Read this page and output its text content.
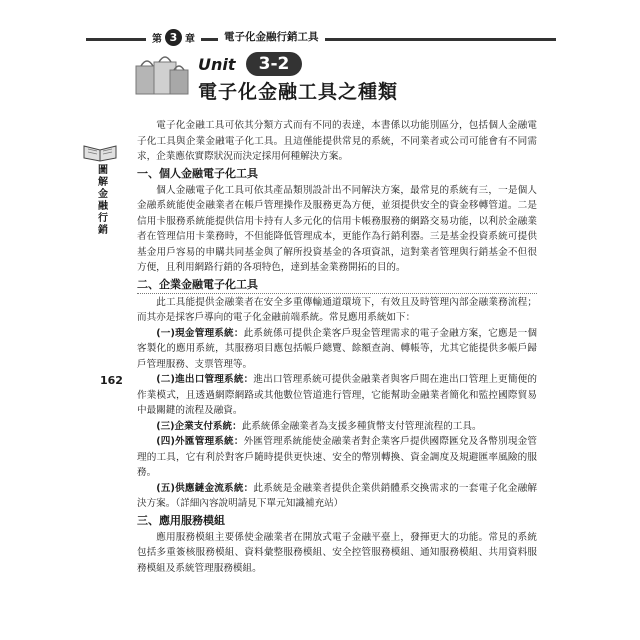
第 3 章	電子化金融行銷工具
Unit	3-2
電子化金融工具之種類
圖解金融行銷
162

電子化金融工具可依其分類方式而有不同的表達，本書係以功能別區分，包括個人金融電子化工具與企業金融電子化工具。且這僅能提供常見的系統，不同業者或公司可能會有不同需求，企業應依實際狀況而決定採用何種解決方案。

一、個人金融電子化工具

個人金融電子化工具可依其產品類別設計出不同解決方案，最常見的系統有三，一是個人金融系統能使金融業者在帳戶管理操作及服務更為方便，並須提供安全的資金移轉管道。二是信用卡服務系統能提供信用卡持有人多元化的信用卡帳務服務的網路交易功能，以利於金融業者在管理信用卡業務時，不但能降低管理成本，更能作為行銷利器。三是基金投資系統可提供基金用戶容易的申購共同基金與了解所投資基金的各項資訊，這對業者管理與行銷基金不但很方便，且利用網路行銷的各項特色，達到基金業務開拓的目的。

二、企業金融電子化工具

此工具能提供金融業者在安全多重傳輸通道環境下，有效且及時管理內部金融業務流程；而其亦是採客戶導向的電子化金融前端系統。常見應用系統如下：

(一)現金管理系統：此系統係可提供企業客戶現金管理需求的電子金融方案，它應是一個客製化的應用系統，其服務項目應包括帳戶總覽、餘額查詢、轉帳等，尤其它能提供多帳戶歸戶管理服務、支票管理等。

(二)進出口管理系統：進出口管理系統可提供金融業者與客戶間在進出口管理上更簡便的作業模式，且透過網際網路或其他數位管道進行管理，它能幫助金融業者簡化和監控國際貿易中最關鍵的流程及融資。

(三)企業支付系統：此系統係金融業者為支援多種貨幣支付管理流程的工具。

(四)外匯管理系統：外匯管理系統能使金融業者對企業客戶提供國際匯兌及各幣別現金管理的工具，它有利於對客戶隨時提供更快速、安全的幣別轉換、資金調度及規避匯率風險的服務。

(五)供應鏈金流系統：此系統是金融業者提供企業供銷體系交換需求的一套電子化金融解決方案。（詳細內容說明請見下單元知識補充站）

三、應用服務模組

應用服務模組主要係使金融業者在開放式電子金融平臺上，發揮更大的功能。常見的系統包括多重簽核服務模組、資料彙整服務模組、安全控管服務模組、通知服務模組、共用資料服務模組及系統管理服務模組。
